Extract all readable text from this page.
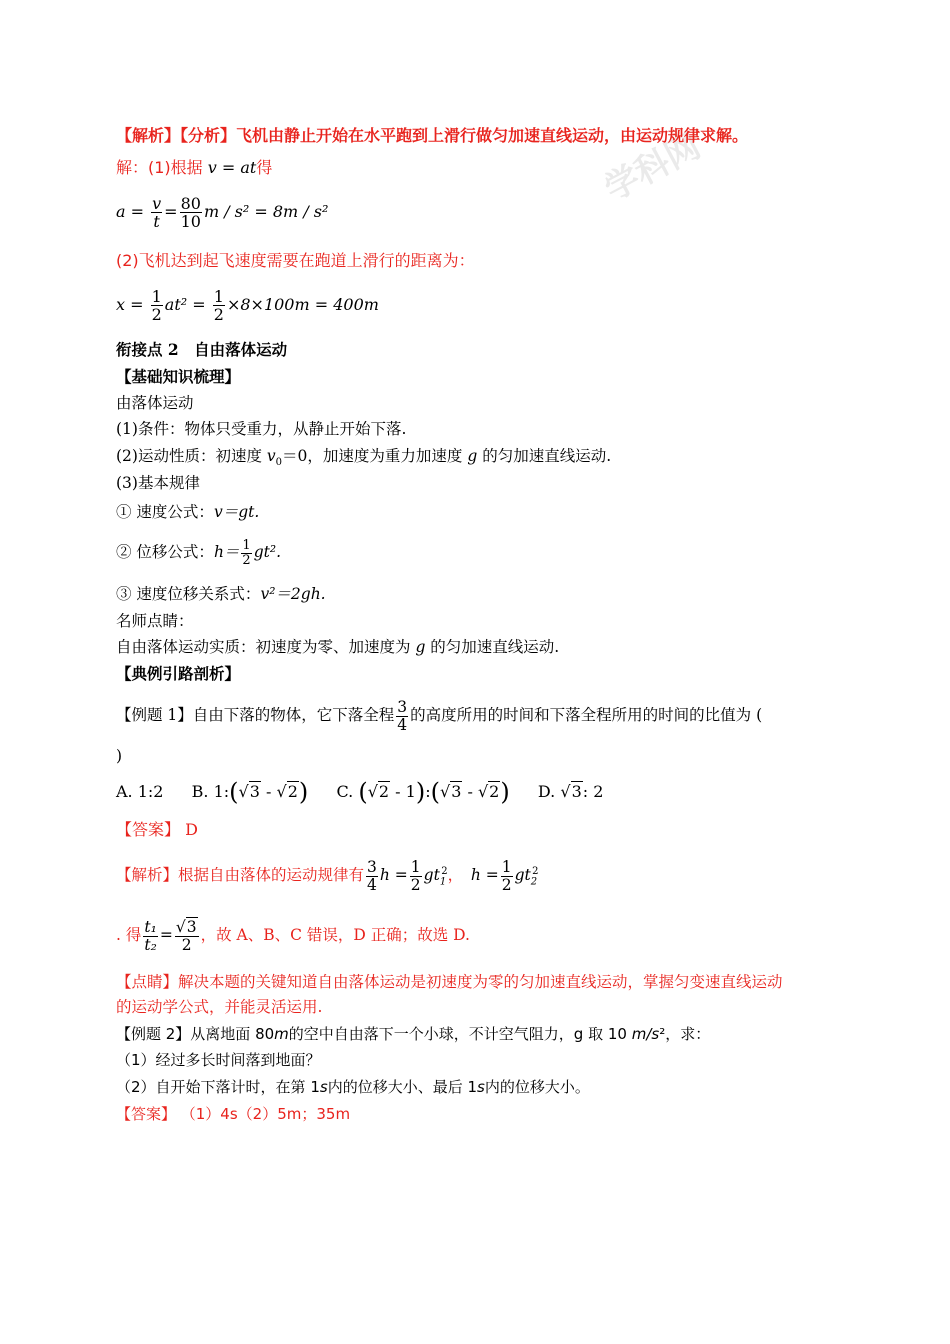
学科网
【解析】【分析】飞机由静止开始在水平跑到上滑行做匀加速直线运动，由运动规律求解。
解：(1)根据 v = at得
$a = \frac{v}{t} = \frac{80}{10}$ m / s² = 8m / s²
(2)飞机达到起飞速度需要在跑道上滑行的距离为：
$x = \frac{1}{2} at^2 = \frac{1}{2} \times 8\times 100m = 400m$
衔接点 2　自由落体运动
【基础知识梳理】
由落体运动
(1)条件：物体只受重力，从静止开始下落.
(2)运动性质：初速度 $v_0=0$，加速度为重力加速度 g 的匀加速直线运动.
(3)基本规律
① 速度公式：v＝gt.
② 位移公式：$h= \frac{1}{2} gt^2$.
③ 速度位移关系式：v²＝2gh.
名师点睛：
自由落体运动实质：初速度为零、加速度为 g 的匀加速直线运动.
【典例引路剖析】
【例题 1】自由下落的物体，它下落全程 $\frac{3}{4}$ 的高度所用的时间和下落全程所用的时间的比值为 (
)
A. 1:2 B. 1:(√3 - √2) C. (√2 - 1):(√3 - √2) D. √3: 2
【答案】 D
【解析】根据自由落体的运动规律有 $\frac{3}{4}$ $h = \frac{1}{2} gt_1^2$，　$h = \frac{1}{2} gt_2^2$
. 得 $\frac{\text{t₁}}{\text{t₂}} = \frac{√3}{2}$ ，故 A、B、C 错误，D 正确；故选 D.
【点睛】解决本题的关键知道自由落体运动是初速度为零的匀加速直线运动，掌握匀变速直线运动
的运动学公式，并能灵活运用.
【例题 2】从离地面 80m的空中自由落下一个小球，不计空气阻力，g 取 10 m/s²，求：
（1）经过多长时间落到地面？
（2）自开始下落计时，在第 1s内的位移大小、最后 1s内的位移大小。
【答案】 （1）4s（2）5m；35m
